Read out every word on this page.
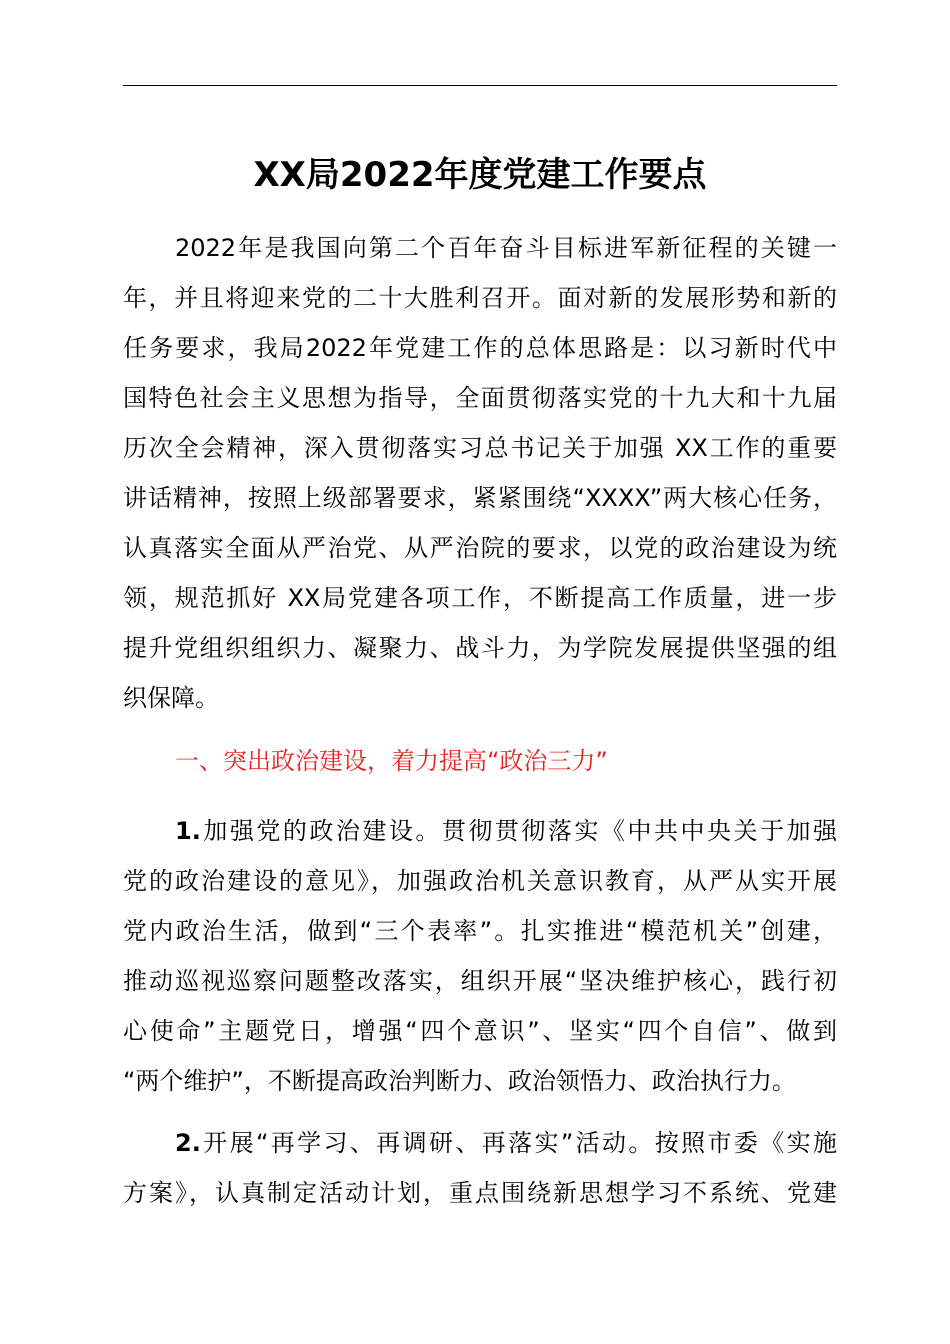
XX局2022年度党建工作要点
2022年是我国向第二个百年奋斗目标进军新征程的关键一
年，并且将迎来党的二十大胜利召开。面对新的发展形势和新的
任务要求，我局2022年党建工作的总体思路是：以习新时代中
国特色社会主义思想为指导，全面贯彻落实党的十九大和十九届
历次全会精神，深入贯彻落实习总书记关于加强 XX工作的重要
讲话精神，按照上级部署要求，紧紧围绕“XXXX”两大核心任务，
认真落实全面从严治党、从严治院的要求，以党的政治建设为统
领，规范抓好 XX局党建各项工作，不断提高工作质量，进一步
提升党组织组织力、凝聚力、战斗力，为学院发展提供坚强的组
织保障。
一、突出政治建设，着力提高“政治三力”
1.加强党的政治建设。贯彻贯彻落实《中共中央关于加强
党的政治建设的意见》，加强政治机关意识教育，从严从实开展
党内政治生活，做到“三个表率”。扎实推进“模范机关”创建，
推动巡视巡察问题整改落实，组织开展“坚决维护核心，践行初
心使命”主题党日，增强“四个意识”、坚实“四个自信”、做到
“两个维护”，不断提高政治判断力、政治领悟力、政治执行力。
2.开展“再学习、再调研、再落实”活动。按照市委《实施
方案》，认真制定活动计划，重点围绕新思想学习不系统、党建
